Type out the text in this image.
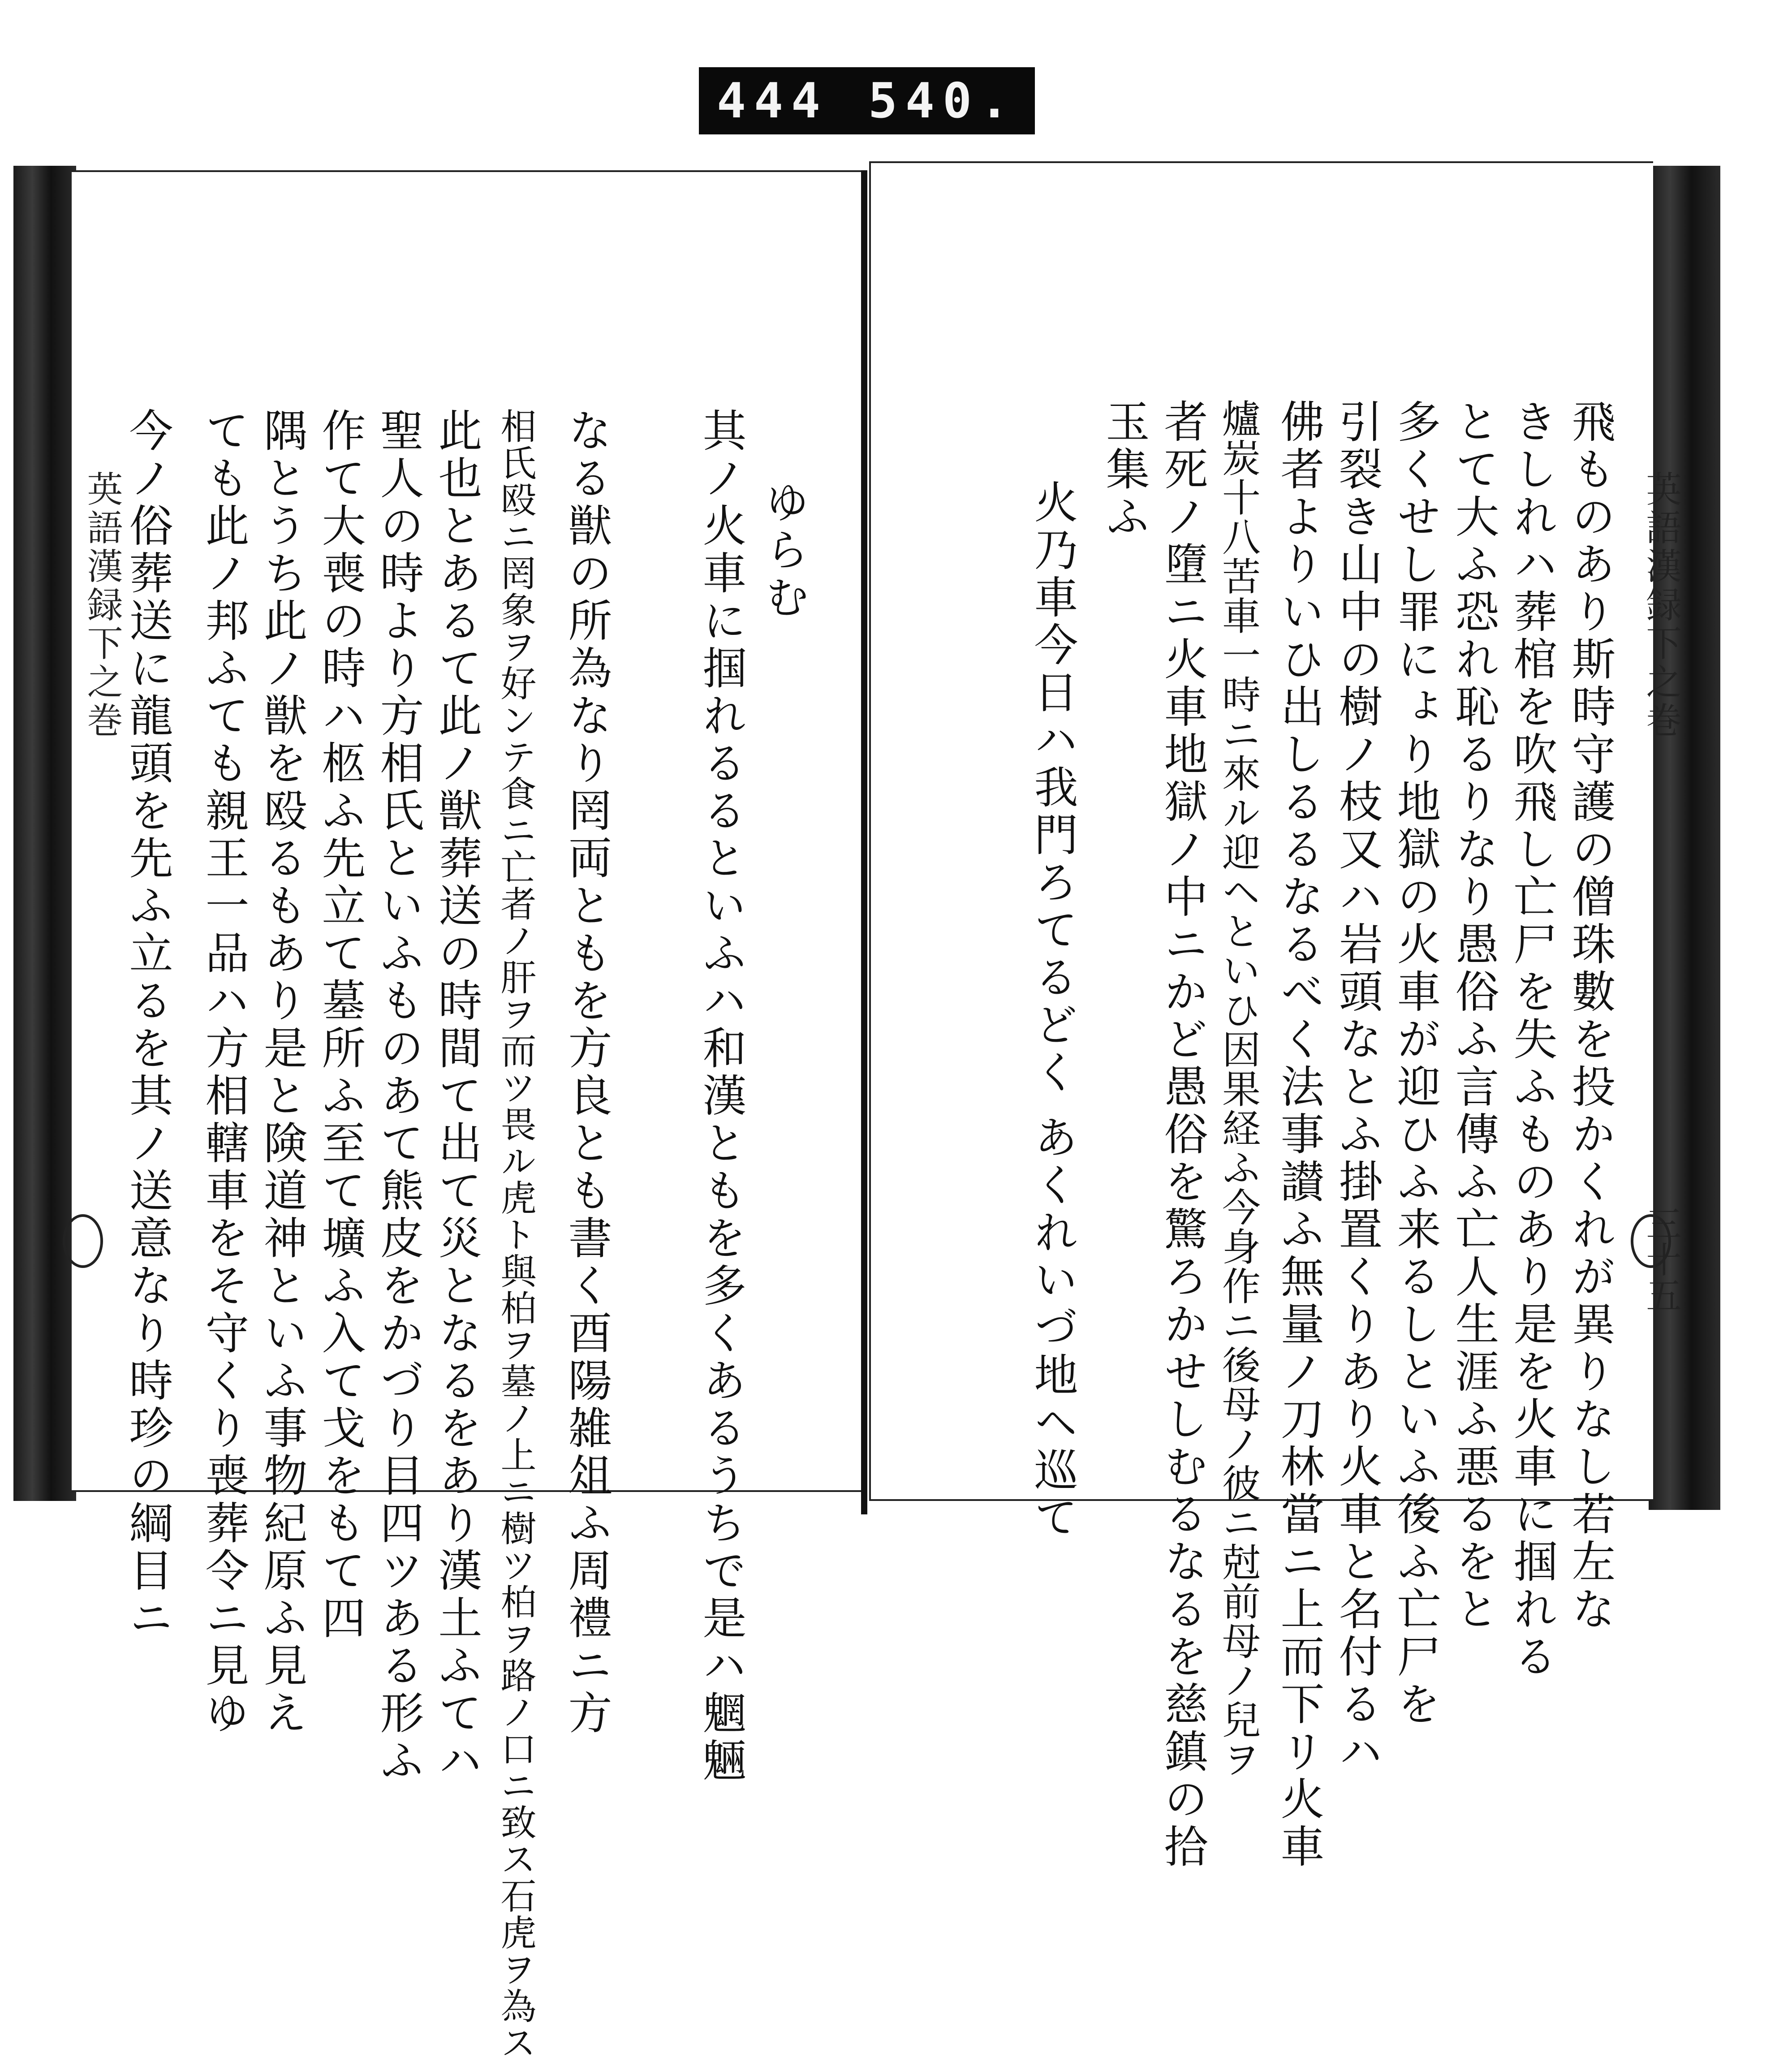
444 540.
英語漢録下之巻	英語漢録下之巻
三十五
飛ものあり斯時守護の僧珠數を投かくれが異りなし若左な
きしれハ葬棺を吹飛し亡尸を失ふものあり是を火車に掴れる
とて大ふ恐れ恥るりなり愚俗ふ言傳ふ亡人生涯ふ悪るをと
多くせし罪にょり地獄の火車が迎ひふ来るしといふ後ふ亡尸を
引裂き山中の樹ノ枝又ハ岩頭なとふ掛置くりあり火車と名付るハ
佛者よりいひ出しるるなるべく法事讃ふ無量ノ刀林當ニ上而下リ火車
爐炭十八苦車一時ニ來ル迎ヘといひ因果経ふ今身作ニ後母ノ彼ニ尅前母ノ兒ヲ
者死ノ墮ニ火車地獄ノ中ニかど愚俗を驚ろかせしむるなるを慈鎮の拾
玉集ふ
火乃車今日ハ我門ろてるどく あくれいづ地ヘ巡て
今ノ俗葬送に龍頭を先ふ立るを其ノ送意なり時珍の綱目ニ ても此ノ邦ふても親王一品ハ方相轄車をそ守くり喪葬令ニ見ゆ 隅とうち此ノ獣を殴るもあり是と険道神といふ事物紀原ふ見え 作て大喪の時ハ柩ふ先立て墓所ふ至て壙ふ入て戈をもて四 聖人の時より方相氏といふものあて熊皮をかづり目四ツある形ふ 此也とあるて此ノ獣葬送の時間て出て災となるをあり漢土ふてハ 相氏殴ニ罔象ヲ好ンテ食ニ亡者ノ肝ヲ而ツ畏ル虎ト與柏ヲ墓ノ上ニ樹ツ柏ヲ路ノ口ニ致ス石虎ヲ為ス なる獣の所為なり罔両ともを方良とも書く酉陽雑俎ふ周禮ニ方 其ノ火車に掴れるるといふハ和漢ともを多くあるうちで是ハ魍魎 ゆらむ
